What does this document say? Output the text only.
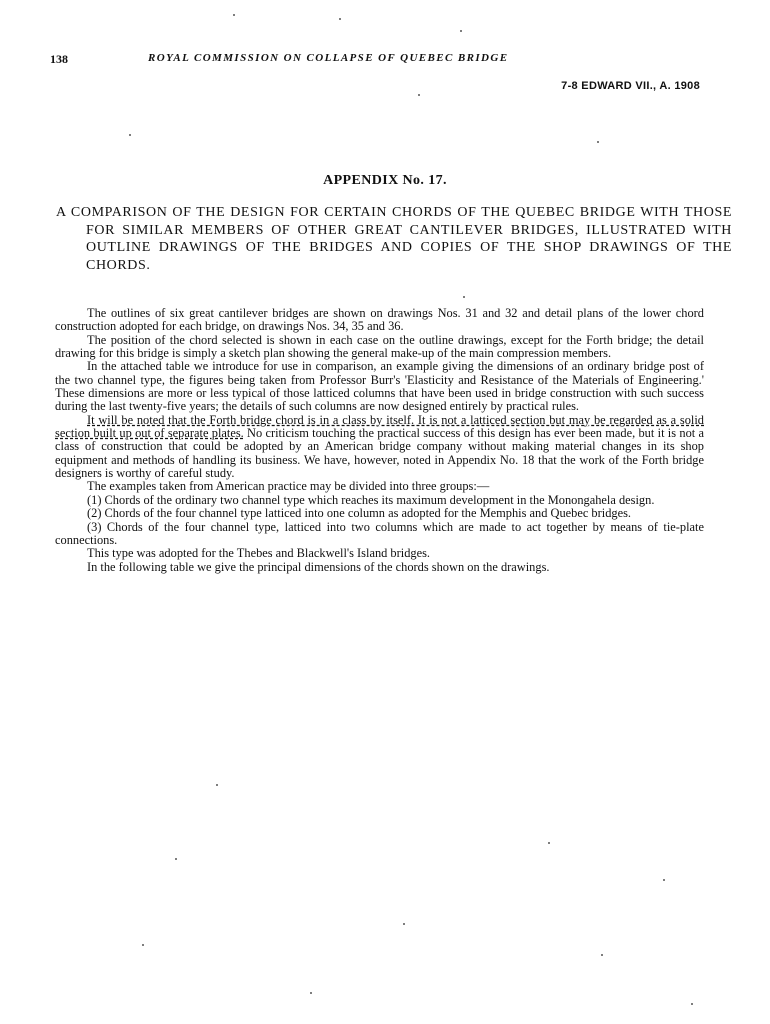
138	ROYAL COMMISSION ON COLLAPSE OF QUEBEC BRIDGE
7-8 EDWARD VII., A. 1908
APPENDIX No. 17.
A COMPARISON OF THE DESIGN FOR CERTAIN CHORDS OF THE QUEBEC BRIDGE WITH THOSE FOR SIMILAR MEMBERS OF OTHER GREAT CANTILEVER BRIDGES, ILLUSTRATED WITH OUTLINE DRAWINGS OF THE BRIDGES AND COPIES OF THE SHOP DRAWINGS OF THE CHORDS.

The outlines of six great cantilever bridges are shown on drawings Nos. 31 and 32 and detail plans of the lower chord construction adopted for each bridge, on drawings Nos. 34, 35 and 36.

The position of the chord selected is shown in each case on the outline drawings, except for the Forth bridge; the detail drawing for this bridge is simply a sketch plan showing the general make-up of the main compression members.

In the attached table we introduce for use in comparison, an example giving the dimensions of an ordinary bridge post of the two channel type, the figures being taken from Professor Burr's 'Elasticity and Resistance of the Materials of Engineering.' These dimensions are more or less typical of those latticed columns that have been used in bridge construction with such success during the last twenty-five years; the details of such columns are now designed entirely by practical rules.

It will be noted that the Forth bridge chord is in a class by itself. It is not a latticed section but may be regarded as a solid section built up out of separate plates. No criticism touching the practical success of this design has ever been made, but it is not a class of construction that could be adopted by an American bridge company without making material changes in its shop equipment and methods of handling its business. We have, however, noted in Appendix No. 18 that the work of the Forth bridge designers is worthy of careful study.

The examples taken from American practice may be divided into three groups:—

(1) Chords of the ordinary two channel type which reaches its maximum development in the Monongahela design.

(2) Chords of the four channel type latticed into one column as adopted for the Memphis and Quebec bridges.

(3) Chords of the four channel type, latticed into two columns which are made to act together by means of tie-plate connections.

This type was adopted for the Thebes and Blackwell's Island bridges.

In the following table we give the principal dimensions of the chords shown on the drawings.
